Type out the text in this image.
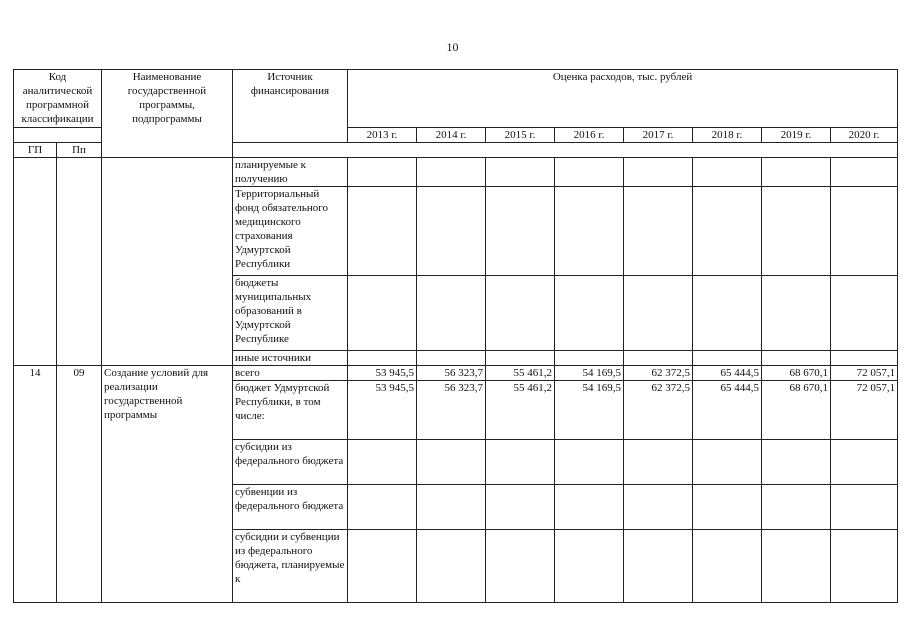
10
Код аналитической программной классификации		Наименование государственной программы, подпрограммы	Источник финансирования	Оценка расходов, тыс. рублей							
				2013 г.	2014 г.	2015 г.	2016 г.	2017 г.	2018 г.	2019 г.	2020 г.
ГП	Пп										
			планируемые к получению								
			Территориальный фонд обязательного медицинского страхования Удмуртской Республики								
			бюджеты муниципальных образований в Удмуртской Республике								
			иные источники								
14	09	Создание условий для реализации государственной программы	всего	53 945,5	56 323,7	55 461,2	54 169,5	62 372,5	65 444,5	68 670,1	72 057,1
			бюджет Удмуртской Республики, в том числе:	53 945,5	56 323,7	55 461,2	54 169,5	62 372,5	65 444,5	68 670,1	72 057,1
			субсидии из федерального бюджета								
			субвенции из федерального бюджета								
			субсидии и субвенции из федерального бюджета, планируемые к								
